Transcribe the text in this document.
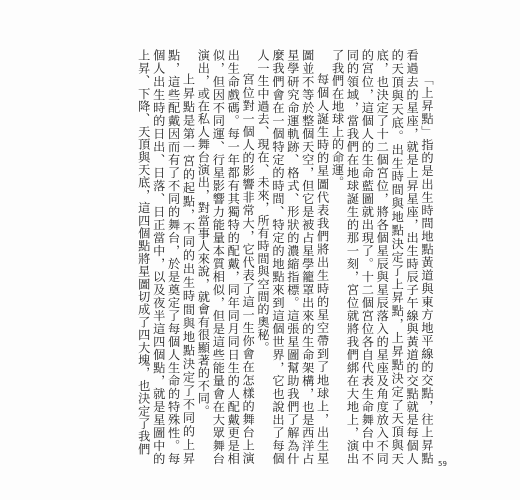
「上昇點」指的是出生時間地點黃道與東方地平線的交點，往上昇點看過去的星座，就是上昇星座，出生時辰子午線與黃道的交點就是每個人的天頂與天底。出生時間與地點決定了上昇點，上昇點決定了天頂與天底，也決定了十二個宮位，將各個星辰與星辰落入的星座及角度放入不同的宮位，這個人的生命藍圖就出現了。十二個宮位各自代表生命舞台中不同的領域，當我們在地球誕生的那一刻，宮位就將我們綁在大地上，演出了我們在地球上的命運。

每個人誕生時的星圖代表我們將出生時的星空帶到了地球上，出生星圖並不等於整個天空，但它是被占星學籠罩出來的生命架構，也是西洋占星學研究命運軌跡、格式、形狀的濃縮指標。這張星圖幫助我們了解為什麼我們會在一個特定的時間、特定的地點來到這個世界，它也說出了每個人一生中過去、現在、未來，所有時間與空間的奧秘。

宮位對一個人的影響非常大，它代表了這一生你會在怎樣的舞台上演出生命戲碼。每一年都有其獨特的配戴，同年同月同日生的人配戴更是相似，但因不同運、行星影響力能量本質相似，但是這些能量會在大眾舞台演出，或在私人舞台演出，對當事人來說，就會有很顯著的不同。

上昇點是第一宮的起點，不同的出生時間與地點決定了不同的上昇點，這些配戴因而有了不同的舞台，於是奠定了每個人生命的特殊性。每個人出生時的日出、日落、日正當中，以及夜半這四個點，就是星圖中的上昇、下降、天頂與天底，這四個點將星圖切成了四大塊，也決定了我們

59
